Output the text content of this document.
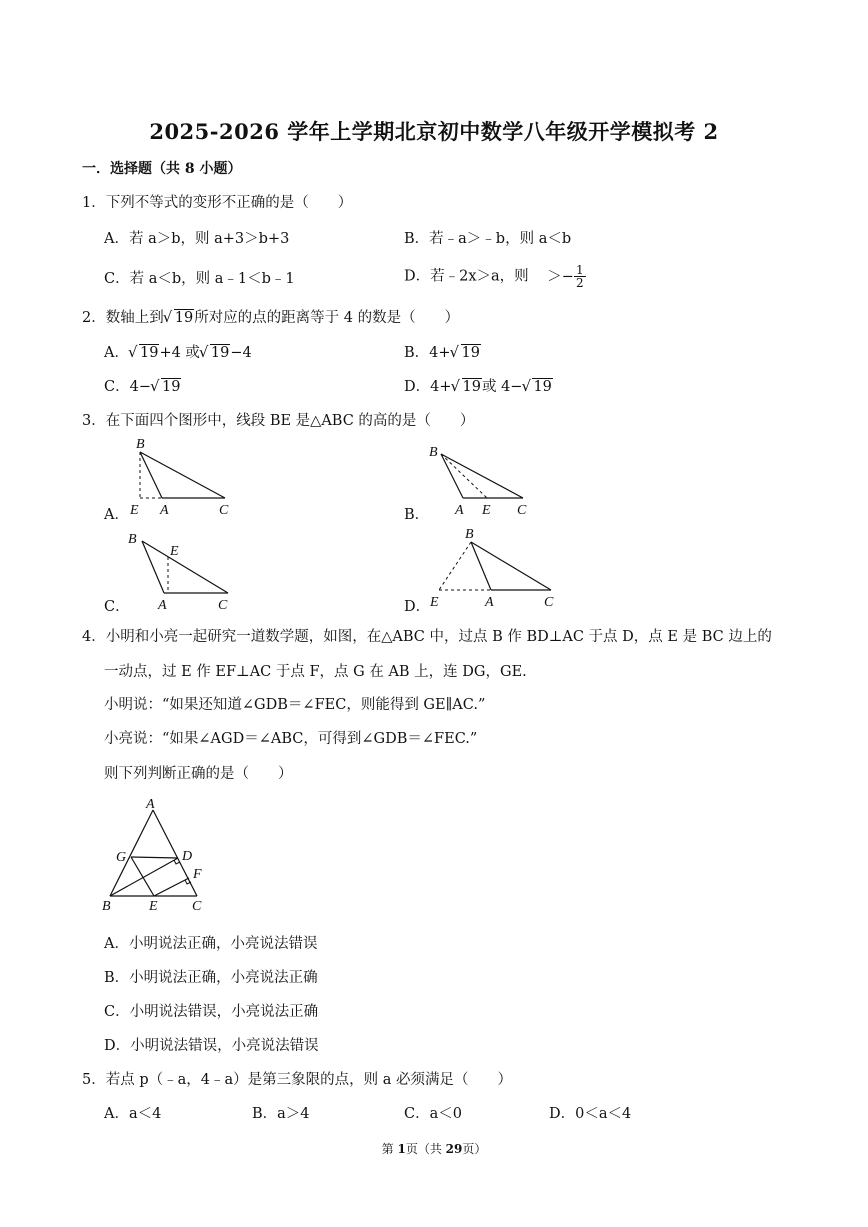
2025-2026 学年上学期北京初中数学八年级开学模拟考 2
一．选择题（共 8 小题）
1．下列不等式的变形不正确的是（　　）
A．若 a＞b，则 a+3＞b+3	B．若﹣a＞﹣b，则 a＜b
C．若 a＜b，则 a﹣1＜b﹣1	D．若﹣2x＞a，则 ＞− $\frac{1}{2}$
2．数轴上到 √ 19所对应的点的距离等于 4 的数是（　　）
A． √ 19+4 或 √ 19−4	B．4+ √ 19
C．4− √ 19	D．4+ √ 19或 4− √ 19
3．在下面四个图形中，线段 BE 是△ABC 的高的是（　　）
A．
B
E A	C	B．
B
A E C
C．
B
E
A	C	D．
B
E	A	C
4．小明和小亮一起研究一道数学题，如图，在△ABC 中，过点 B 作 BD⊥AC 于点 D，点 E 是 BC 边上的
一动点，过 E 作 EF⊥AC 于点 F，点 G 在 AB 上，连 DG，GE.
小明说：“如果还知道∠GDB＝∠FEC，则能得到 GE∥AC.”
小亮说：“如果∠AGD＝∠ABC，可得到∠GDB＝∠FEC.”
则下列判断正确的是（　　）
A
G	D
F
B	E C
A．小明说法正确，小亮说法错误
B．小明说法正确，小亮说法正确
C．小明说法错误，小亮说法正确
D．小明说法错误，小亮说法错误
5．若点 p（﹣a，4﹣a）是第三象限的点，则 a 必须满足（　　）
A．a＜4	B．a＞4	C．a＜0	D．0＜a＜4
第 1页（共 29页）
